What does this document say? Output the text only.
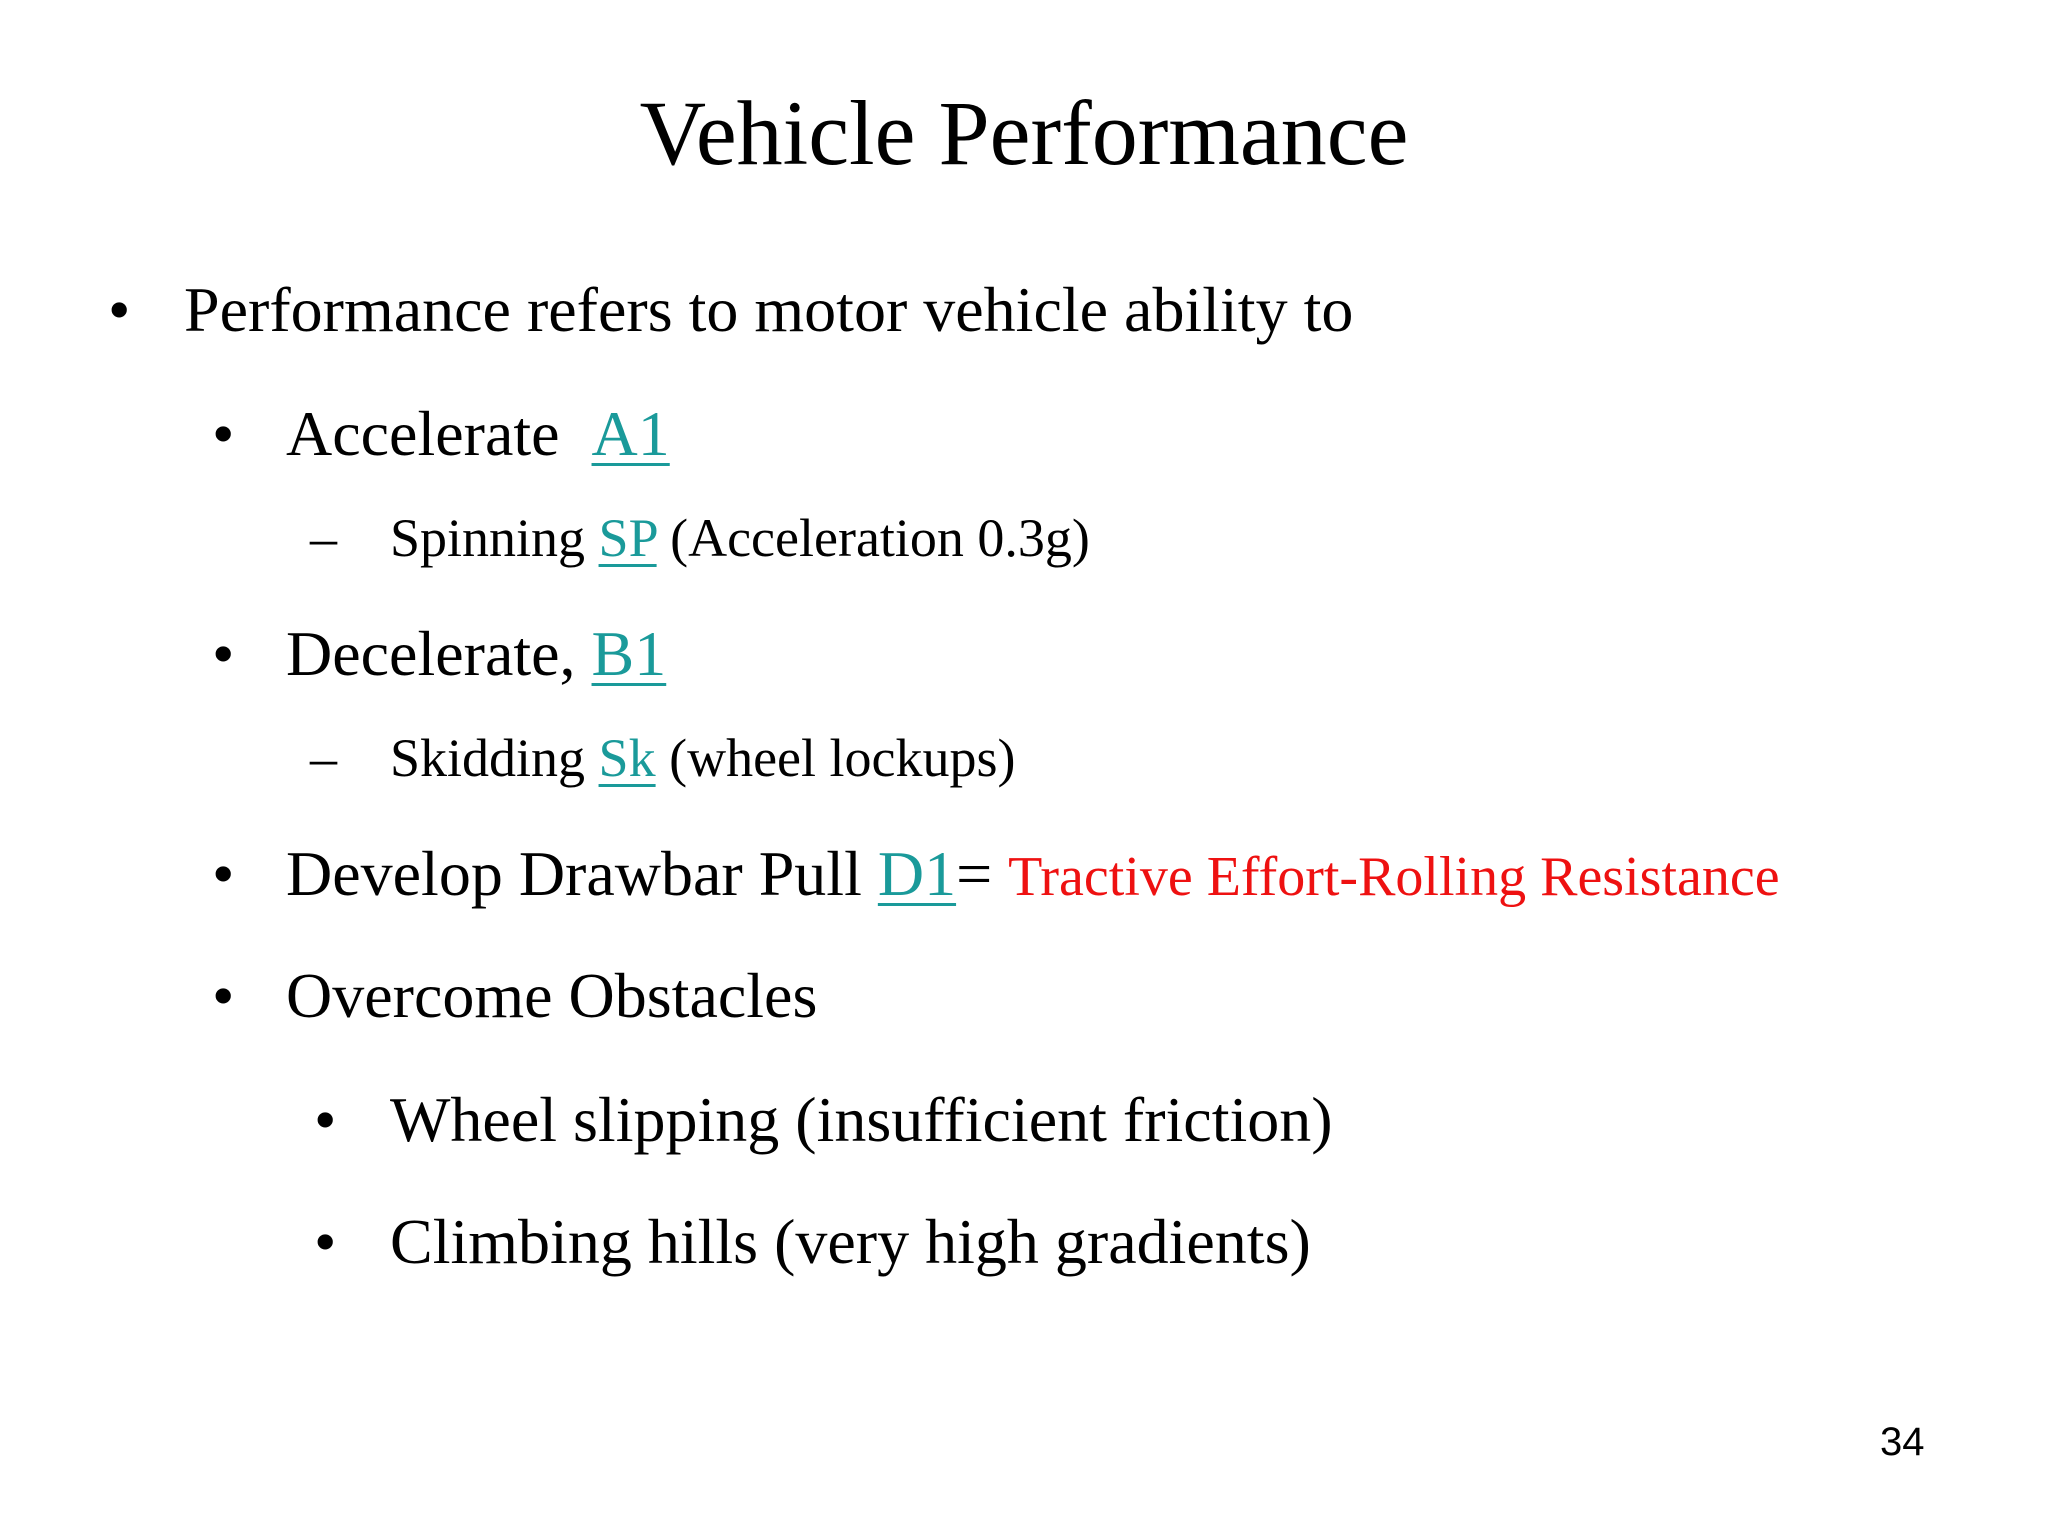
Vehicle Performance
• Performance refers to motor vehicle ability to
• Accelerate A1
– Spinning SP (Acceleration 0.3g)
• Decelerate, B1
– Skidding Sk (wheel lockups)
• Develop Drawbar Pull D1= Tractive Effort-Rolling Resistance
• Overcome Obstacles
• Wheel slipping (insufficient friction)
• Climbing hills (very high gradients)
34
